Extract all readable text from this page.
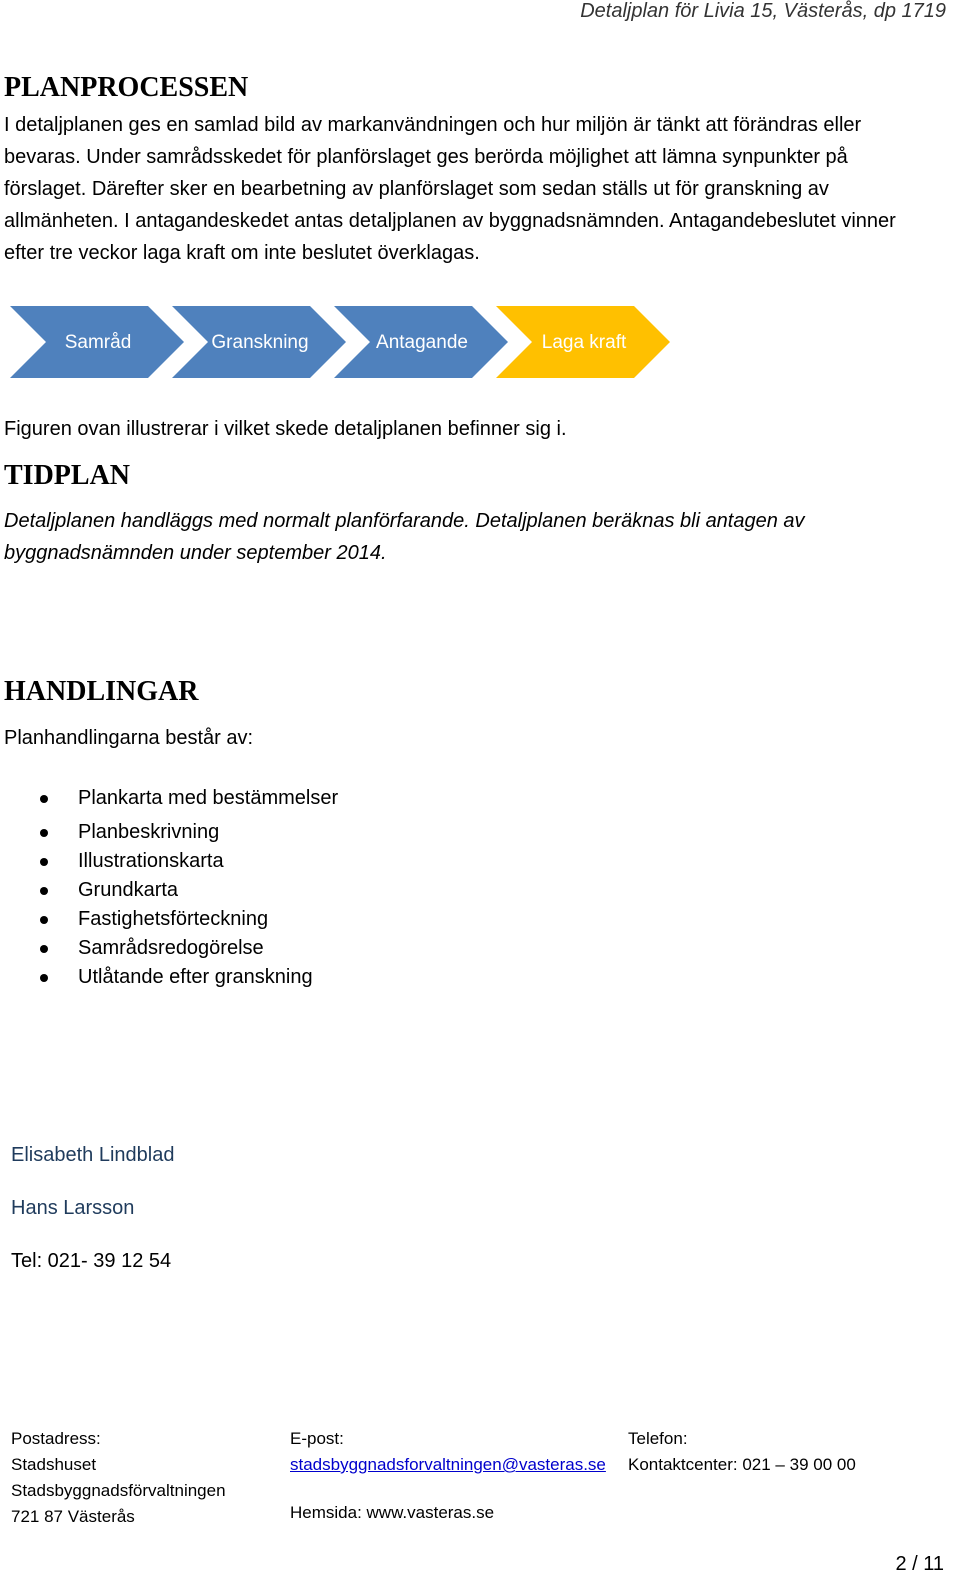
Detaljplan för Livia 15, Västerås, dp 1719
PLANPROCESSEN
I detaljplanen ges en samlad bild av markanvändningen och hur miljön är tänkt att förändras eller
bevaras. Under samrådsskedet för planförslaget ges berörda möjlighet att lämna synpunkter på
förslaget. Därefter sker en bearbetning av planförslaget som sedan ställs ut för granskning av
allmänheten. I antagandeskedet antas detaljplanen av byggnadsnämnden. Antagandebeslutet vinner
efter tre veckor laga kraft om inte beslutet överklagas.
Samråd	Granskning	Antagande	Laga kraft
Figuren ovan illustrerar i vilket skede detaljplanen befinner sig i.
TIDPLAN
Detaljplanen handläggs med normalt planförfarande. Detaljplanen beräknas bli antagen av
byggnadsnämnden under september 2014.
HANDLINGAR
Planhandlingarna består av:
Plankarta med bestämmelser
Planbeskrivning
Illustrationskarta
Grundkarta
Fastighetsförteckning
Samrådsredogörelse
Utlåtande efter granskning
Elisabeth Lindblad
Hans Larsson
Tel: 021- 39 12 54
Postadress:
Stadshuset
Stadsbyggnadsförvaltningen
721 87 Västerås
E-post:
stadsbyggnadsforvaltningen@vasteras.se
Hemsida: www.vasteras.se
Telefon:
Kontaktcenter: 021 – 39 00 00
2 / 11
